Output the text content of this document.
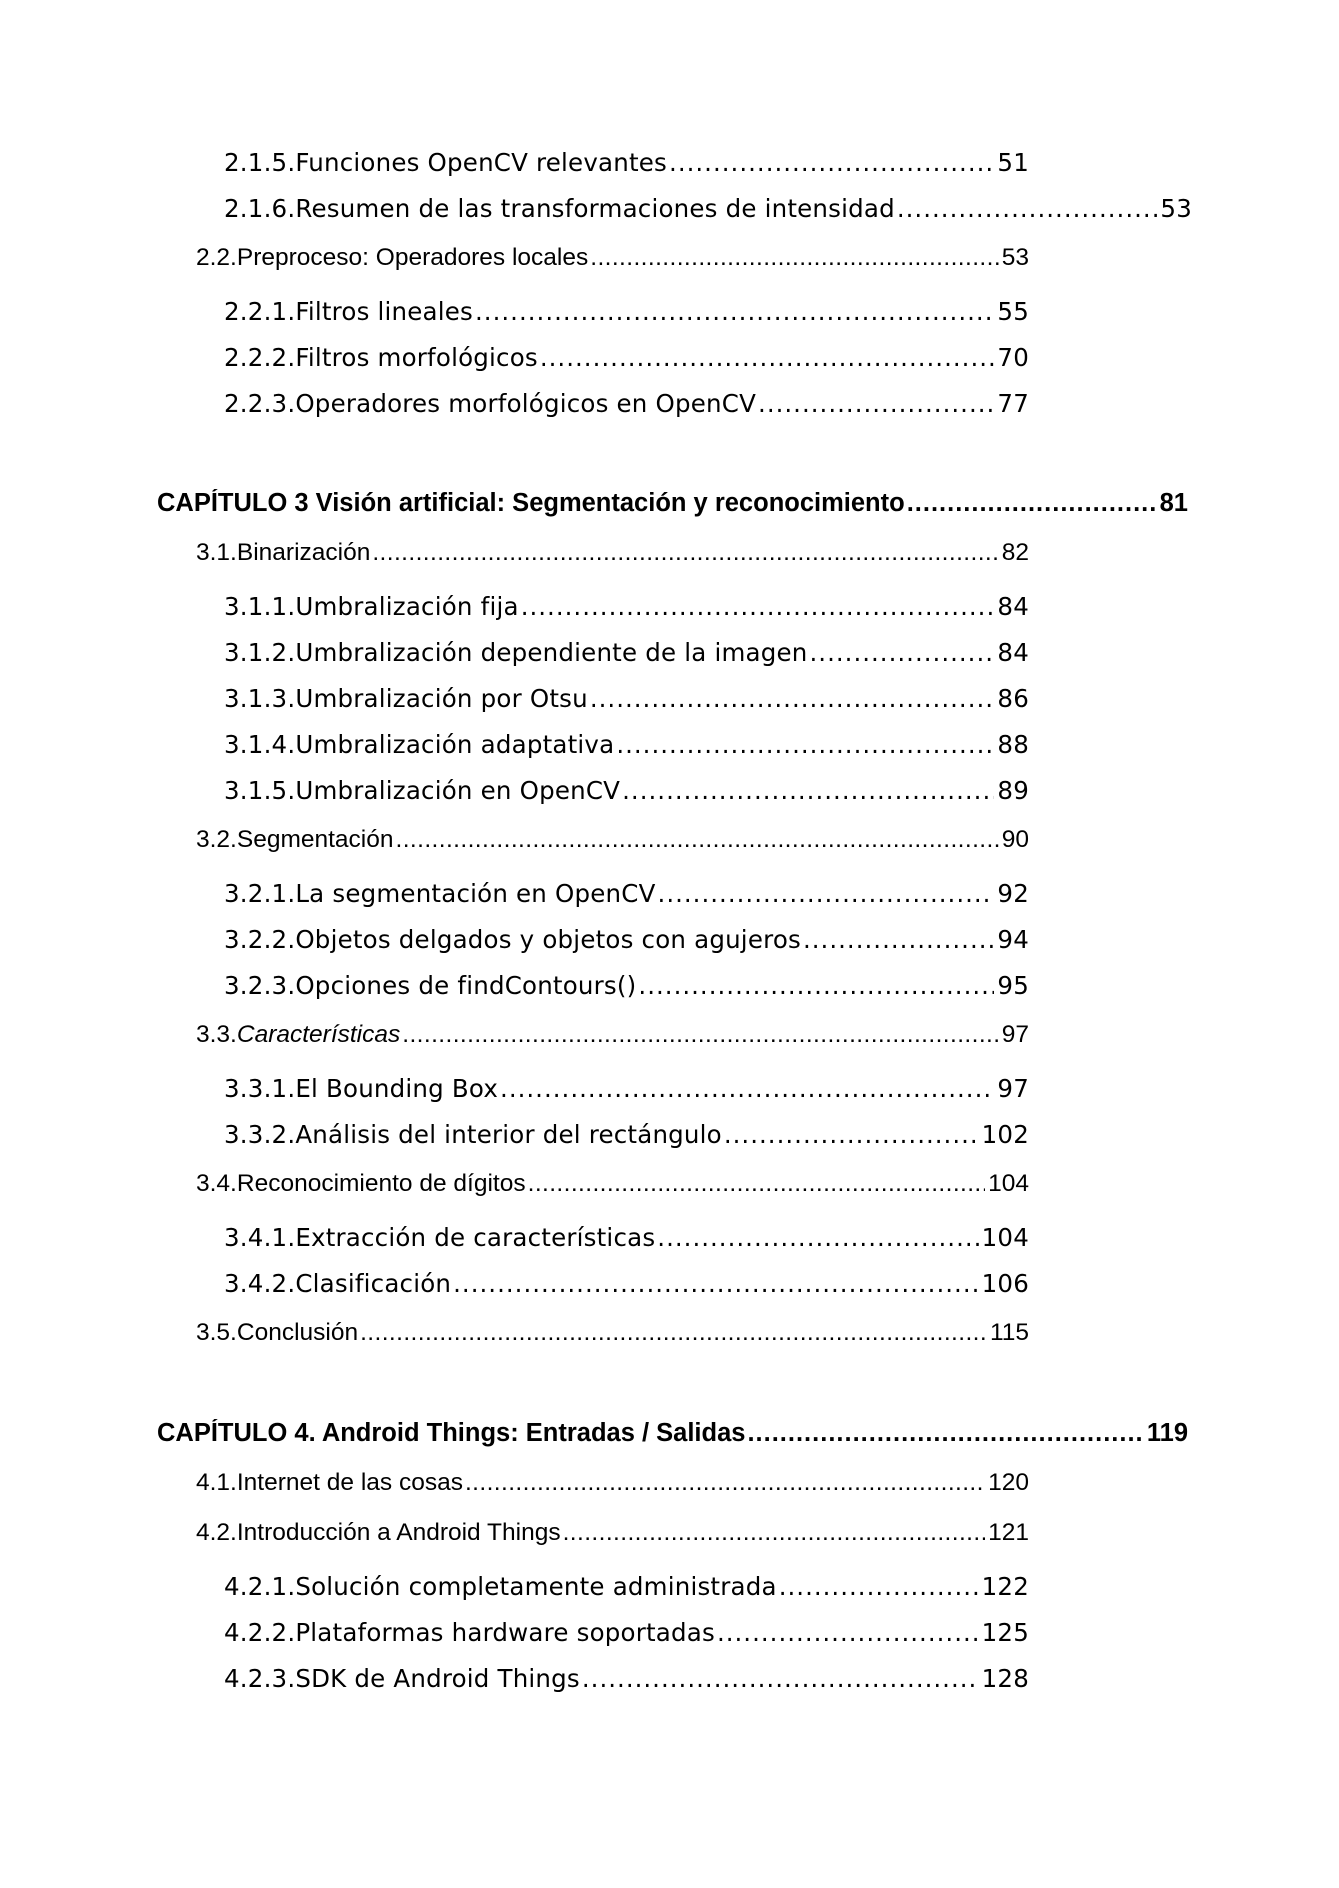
2.1.5. Funciones OpenCV relevantes .....	51
2.1.6. Resumen de las transformaciones de intensidad .....	53
2.2. Preproceso: Operadores locales .....	53
2.2.1. Filtros lineales .....	55
2.2.2. Filtros morfológicos .....	70
2.2.3. Operadores morfológicos en OpenCV .....	77
CAPÍTULO 3 Visión artificial: Segmentación y reconocimiento .....	81
3.1. Binarización .....	82
3.1.1. Umbralización fija .....	84
3.1.2. Umbralización dependiente de la imagen .....	84
3.1.3. Umbralización por Otsu .....	86
3.1.4. Umbralización adaptativa .....	88
3.1.5. Umbralización en OpenCV .....	89
3.2. Segmentación .....	90
3.2.1. La segmentación en OpenCV .....	92
3.2.2. Objetos delgados y objetos con agujeros .....	94
3.2.3. Opciones de findContours() .....	95
3.3. Características .....	97
3.3.1. El Bounding Box .....	97
3.3.2. Análisis del interior del rectángulo .....	102
3.4. Reconocimiento de dígitos .....	104
3.4.1. Extracción de características .....	104
3.4.2. Clasificación .....	106
3.5. Conclusión .....	115
CAPÍTULO 4. Android Things: Entradas / Salidas .....	119
4.1. Internet de las cosas .....	120
4.2. Introducción a Android Things .....	121
4.2.1. Solución completamente administrada .....	122
4.2.2. Plataformas hardware soportadas .....	125
4.2.3. SDK de Android Things .....	128
